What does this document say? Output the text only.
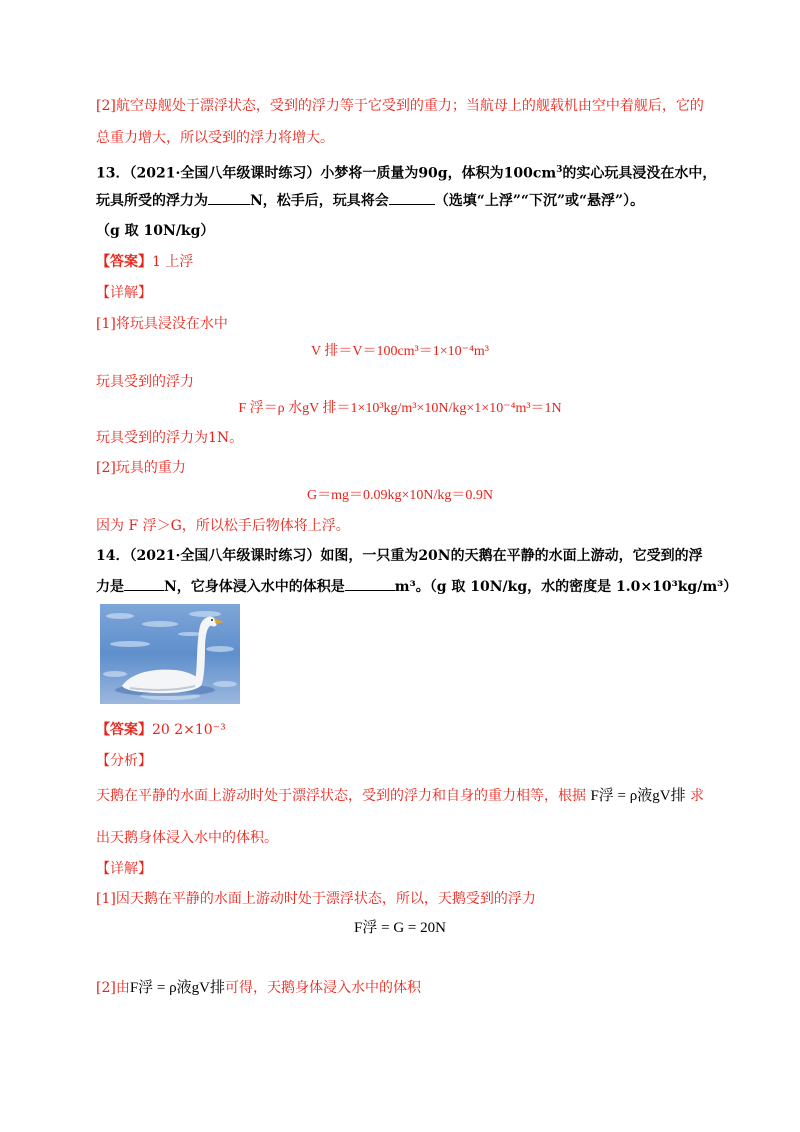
[2]航空母舰处于漂浮状态，受到的浮力等于它受到的重力；当航母上的舰载机由空中着舰后，它的
总重力增大，所以受到的浮力将增大。
13．（2021·全国八年级课时练习）小梦将一质量为90g，体积为$100cm^3$的实心玩具浸没在水中，
玩具所受的浮力为	N，松手后，玩具将会	（选填“上浮”“下沉”或“悬浮”）。
（g 取 10N/kg）
【答案】1 上浮
【详解】
[1]将玩具浸没在水中
V 排＝V＝100cm³＝1×10⁻⁴m³
玩具受到的浮力
F 浮＝ρ 水gV 排＝1×10³kg/m³×10N/kg×1×10⁻⁴m³＝1N
玩具受到的浮力为1N。
[2]玩具的重力
G＝mg＝0.09kg×10N/kg＝0.9N
因为 F 浮＞G，所以松手后物体将上浮。
14．（2021·全国八年级课时练习）如图，一只重为20N的天鹅在平静的水面上游动，它受到的浮
力是	N，它身体浸入水中的体积是	m³。（g 取 10N/kg，水的密度是 1.0×10³kg/m³）
【答案】20 2×10⁻³
【分析】
天鹅在平静的水面上游动时处于漂浮状态，受到的浮力和自身的重力相等，根据 F浮 = ρ液gV排 求
出天鹅身体浸入水中的体积。
【详解】
[1]因天鹅在平静的水面上游动时处于漂浮状态，所以，天鹅受到的浮力
F浮 = G = 20N
[2]由F浮 = ρ液gV排可得，天鹅身体浸入水中的体积
